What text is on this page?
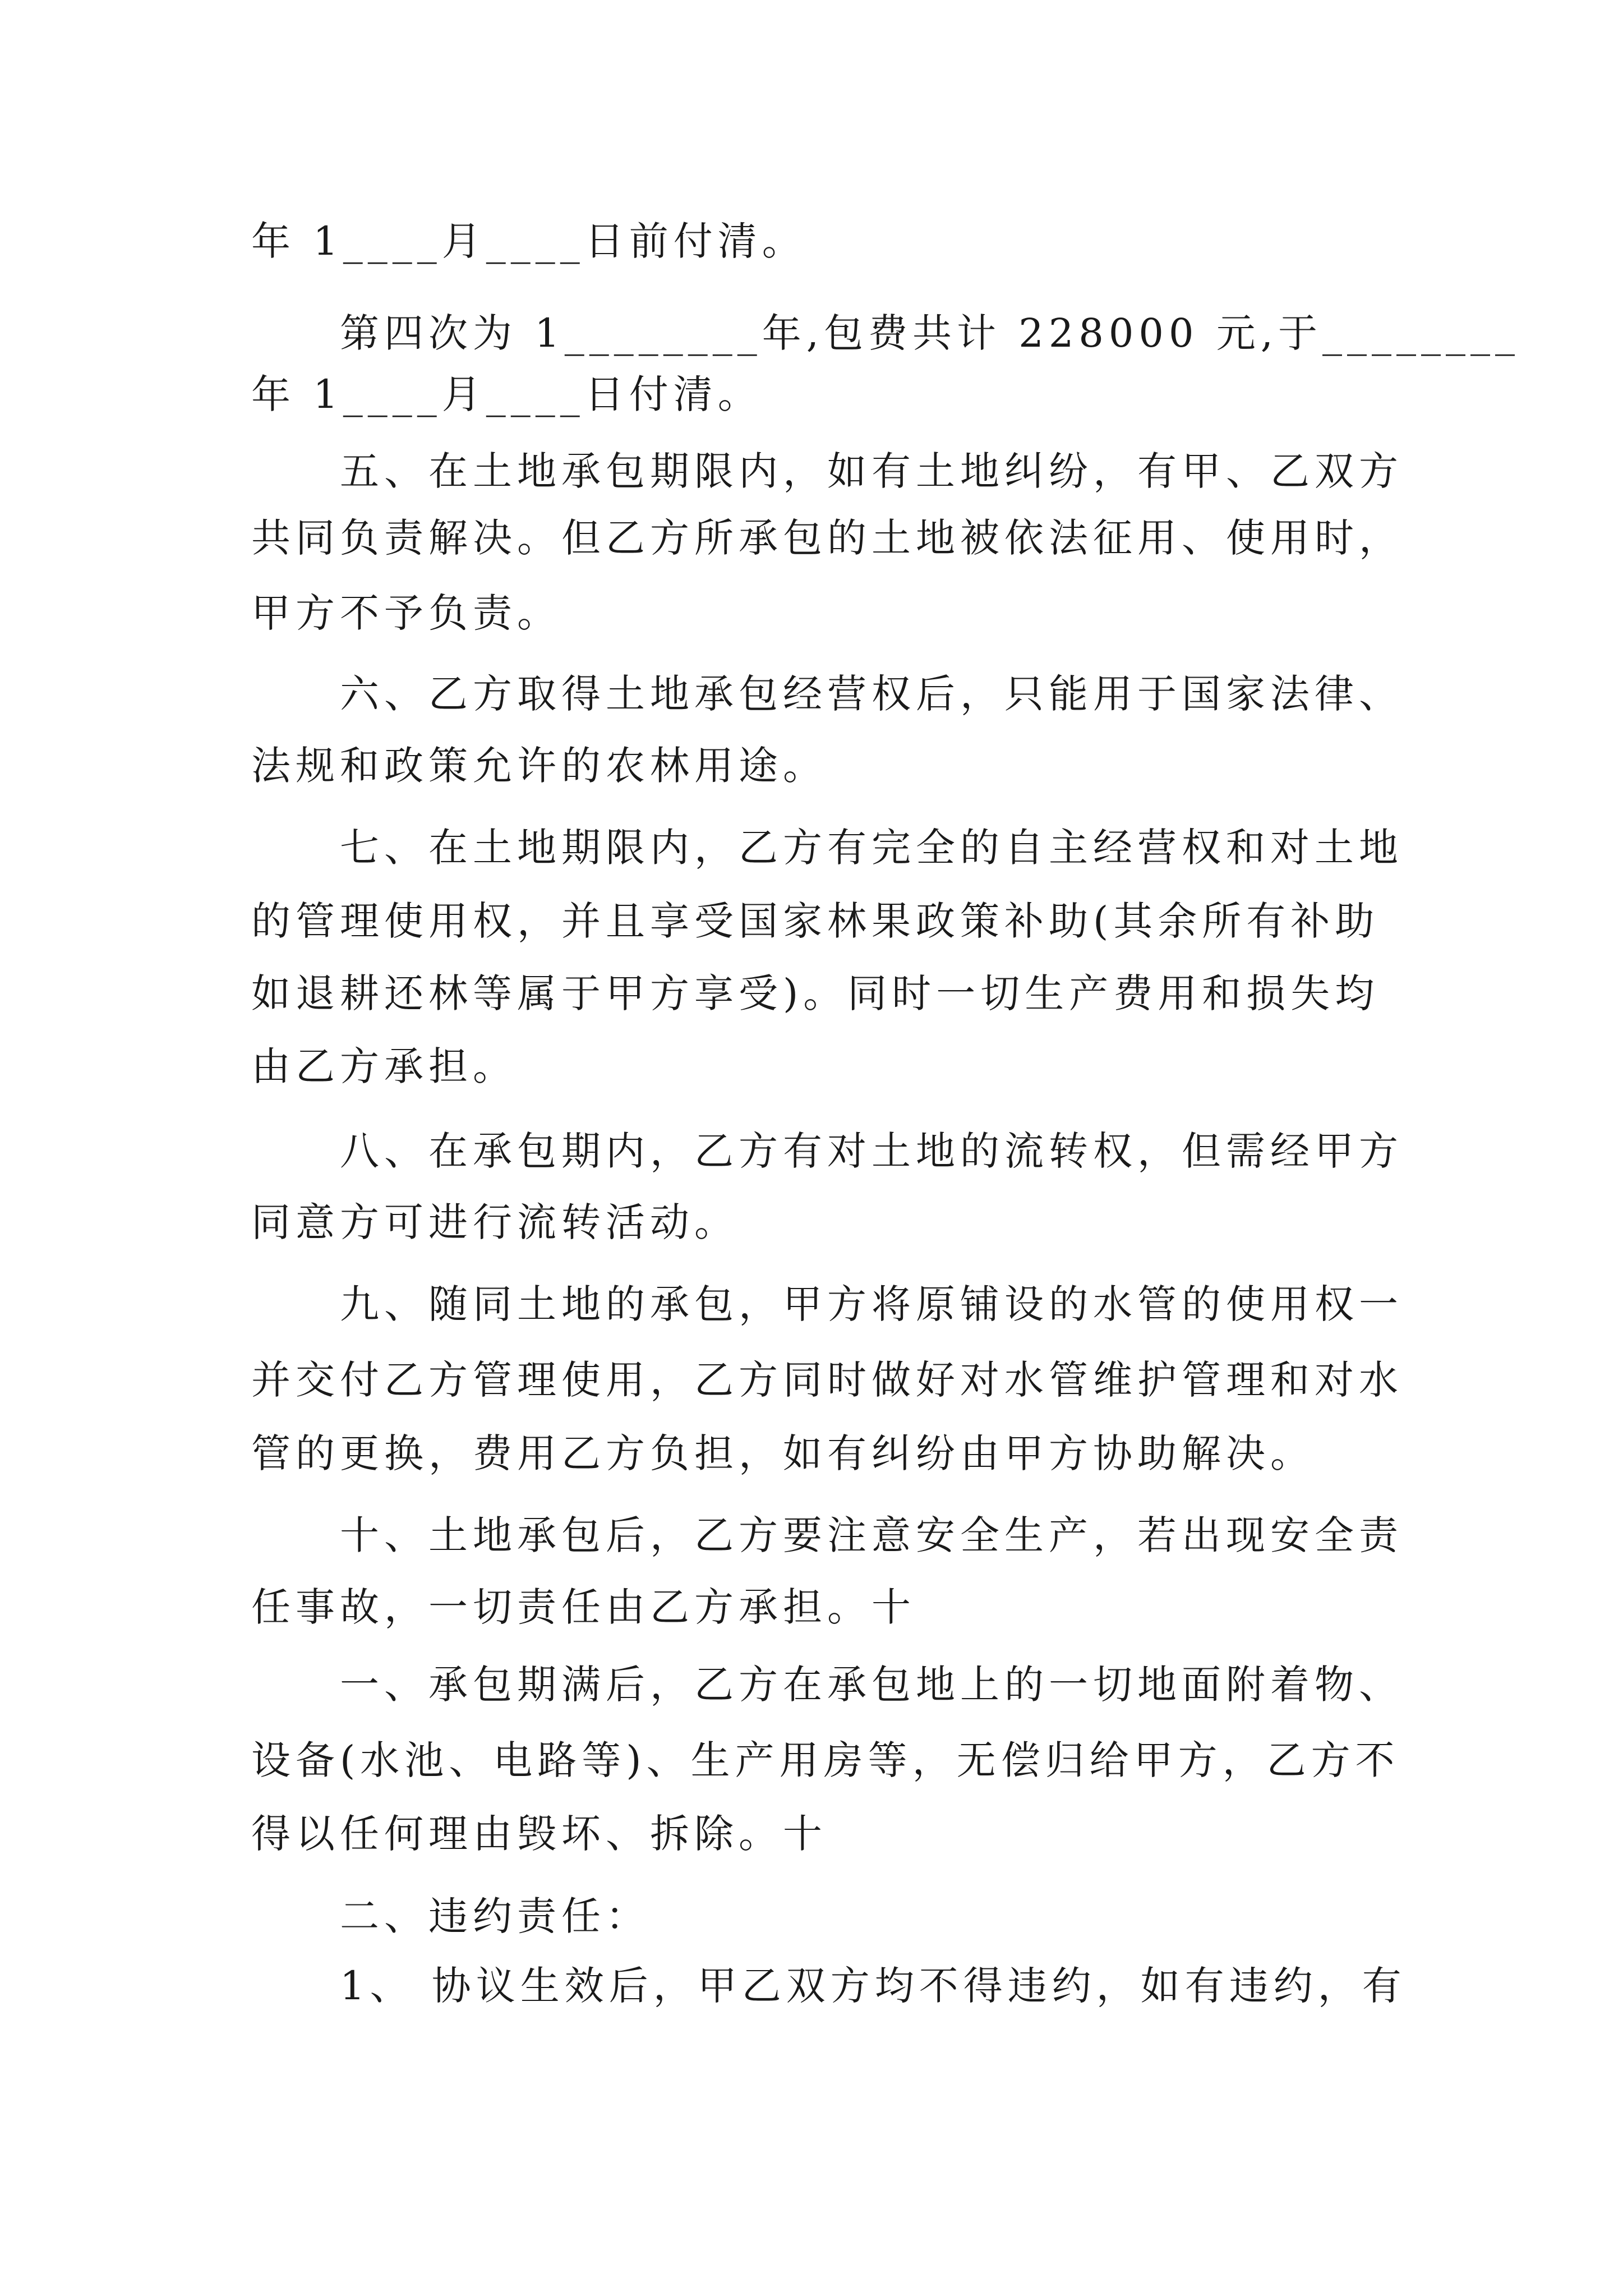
年 1____月____日前付清。
第四次为 1________年,包费共计 228000 元,于________
年 1____月____日付清。
五、在土地承包期限内，如有土地纠纷，有甲、乙双方
共同负责解决。但乙方所承包的土地被依法征用、使用时，
甲方不予负责。
六、乙方取得土地承包经营权后，只能用于国家法律、
法规和政策允许的农林用途。
七、在土地期限内，乙方有完全的自主经营权和对土地
的管理使用权，并且享受国家林果政策补助(其余所有补助
如退耕还林等属于甲方享受)。同时一切生产费用和损失均
由乙方承担。
八、在承包期内，乙方有对土地的流转权，但需经甲方
同意方可进行流转活动。
九、随同土地的承包，甲方将原铺设的水管的使用权一
并交付乙方管理使用，乙方同时做好对水管维护管理和对水
管的更换，费用乙方负担，如有纠纷由甲方协助解决。
十、土地承包后，乙方要注意安全生产，若出现安全责
任事故，一切责任由乙方承担。十
一、承包期满后，乙方在承包地上的一切地面附着物、
设备(水池、电路等)、生产用房等，无偿归给甲方，乙方不
得以任何理由毁坏、拆除。十
二、违约责任：
1、 协议生效后，甲乙双方均不得违约，如有违约，有
